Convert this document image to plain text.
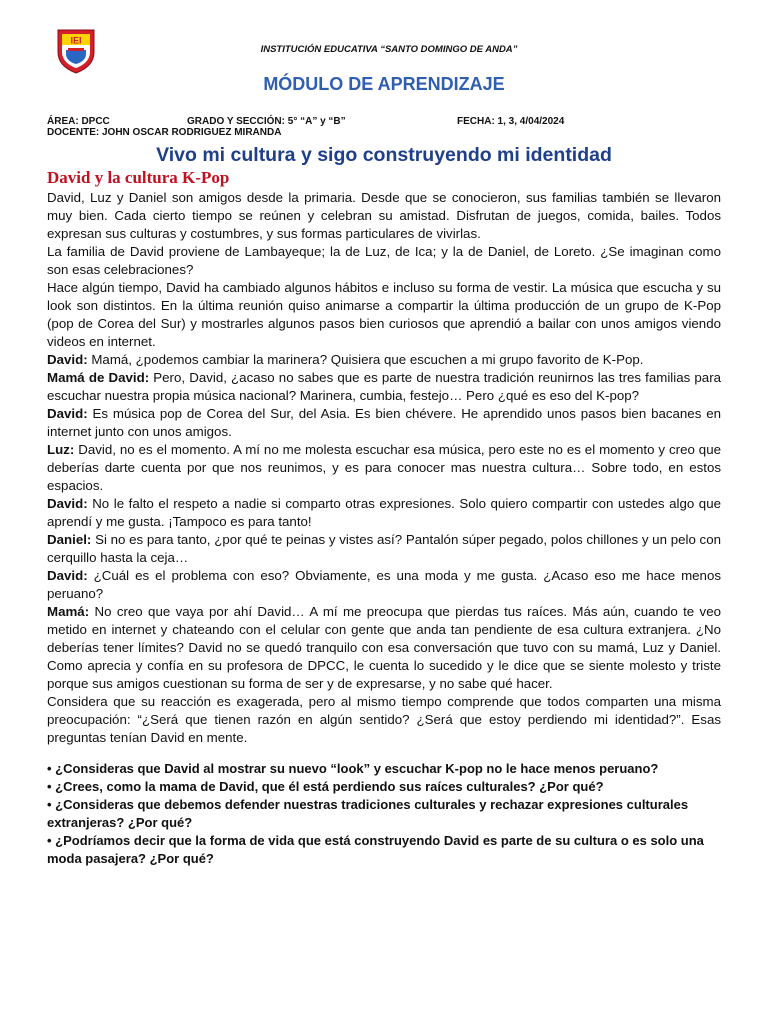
IEI
INSTITUCIÓN EDUCATIVA “SANTO DOMINGO DE ANDA”
MÓDULO DE APRENDIZAJE
ÁREA: DPCC	GRADO Y SECCIÓN: 5° “A” y “B”	FECHA: 1, 3, 4/04/2024
DOCENTE: JOHN OSCAR RODRIGUEZ MIRANDA
Vivo mi cultura y sigo construyendo mi identidad
David y la cultura K-Pop

David, Luz y Daniel son amigos desde la primaria. Desde que se conocieron, sus familias también se llevaron muy bien. Cada cierto tiempo se reúnen y celebran su amistad. Disfrutan de juegos, comida, bailes. Todos expresan sus culturas y costumbres, y sus formas particulares de vivirlas.

La familia de David proviene de Lambayeque; la de Luz, de Ica; y la de Daniel, de Loreto. ¿Se imaginan como son esas celebraciones?

Hace algún tiempo, David ha cambiado algunos hábitos e incluso su forma de vestir. La música que escucha y su look son distintos. En la última reunión quiso animarse a compartir la última producción de un grupo de K-Pop (pop de Corea del Sur) y mostrarles algunos pasos bien curiosos que aprendió a bailar con unos amigos viendo videos en internet.

David: Mamá, ¿podemos cambiar la marinera? Quisiera que escuchen a mi grupo favorito de K-Pop.

Mamá de David: Pero, David, ¿acaso no sabes que es parte de nuestra tradición reunirnos las tres familias para escuchar nuestra propia música nacional? Marinera, cumbia, festejo… Pero ¿qué es eso del K-pop?

David: Es música pop de Corea del Sur, del Asia. Es bien chévere. He aprendido unos pasos bien bacanes en internet junto con unos amigos.

Luz: David, no es el momento. A mí no me molesta escuchar esa música, pero este no es el momento y creo que deberías darte cuenta por que nos reunimos, y es para conocer mas nuestra cultura… Sobre todo, en estos espacios.

David: No le falto el respeto a nadie si comparto otras expresiones. Solo quiero compartir con ustedes algo que aprendí y me gusta. ¡Tampoco es para tanto!

Daniel: Si no es para tanto, ¿por qué te peinas y vistes así? Pantalón súper pegado, polos chillones y un pelo con cerquillo hasta la ceja…

David: ¿Cuál es el problema con eso? Obviamente, es una moda y me gusta. ¿Acaso eso me hace menos peruano?

Mamá: No creo que vaya por ahí David… A mí me preocupa que pierdas tus raíces. Más aún, cuando te veo metido en internet y chateando con el celular con gente que anda tan pendiente de esa cultura extranjera. ¿No deberías tener límites? David no se quedó tranquilo con esa conversación que tuvo con su mamá, Luz y Daniel. Como aprecia y confía en su profesora de DPCC, le cuenta lo sucedido y le dice que se siente molesto y triste porque sus amigos cuestionan su forma de ser y de expresarse, y no sabe qué hacer.

Considera que su reacción es exagerada, pero al mismo tiempo comprende que todos comparten una misma preocupación: “¿Será que tienen razón en algún sentido? ¿Será que estoy perdiendo mi identidad?”. Esas preguntas tenían David en mente.

• ¿Consideras que David al mostrar su nuevo “look” y escuchar K-pop no le hace menos peruano?

• ¿Crees, como la mama de David, que él está perdiendo sus raíces culturales? ¿Por qué?

• ¿Consideras que debemos defender nuestras tradiciones culturales y rechazar expresiones culturales extranjeras? ¿Por qué?

• ¿Podríamos decir que la forma de vida que está construyendo David es parte de su cultura o es solo una moda pasajera? ¿Por qué?
